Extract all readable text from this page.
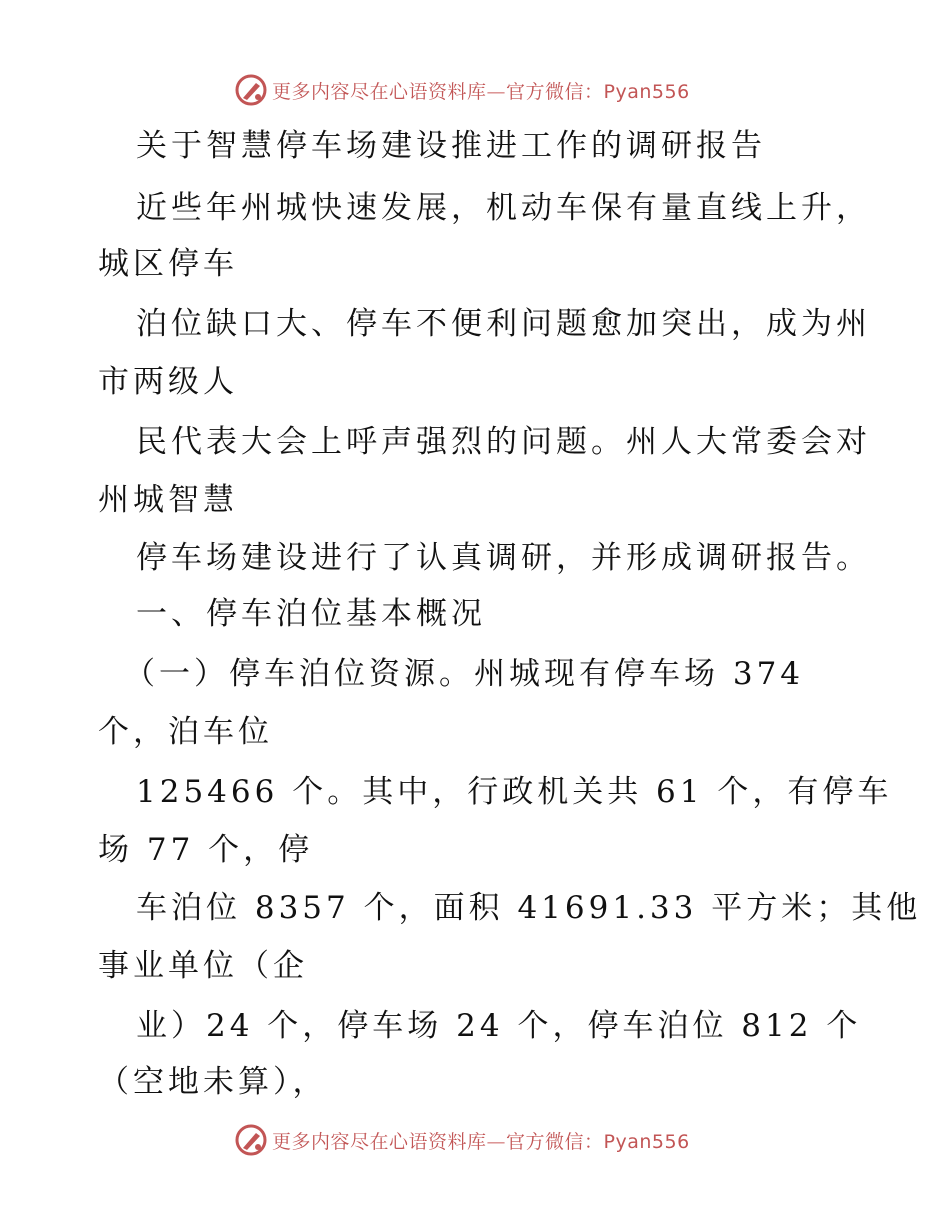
更多内容尽在心语资料库—官方微信：Pyan556
关于智慧停车场建设推进工作的调研报告
近些年州城快速发展，机动车保有量直线上升，
城区停车
泊位缺口大、停车不便利问题愈加突出，成为州
市两级人
民代表大会上呼声强烈的问题。州人大常委会对
州城智慧
停车场建设进行了认真调研，并形成调研报告。
一、停车泊位基本概况
（一）停车泊位资源。州城现有停车场 374
个，泊车位
125466 个。其中，行政机关共 61 个，有停车
场 77 个，停
车泊位 8357 个，面积 41691.33 平方米；其他
事业单位（企
业）24 个，停车场 24 个，停车泊位 812 个
（空地未算），
更多内容尽在心语资料库—官方微信：Pyan556
